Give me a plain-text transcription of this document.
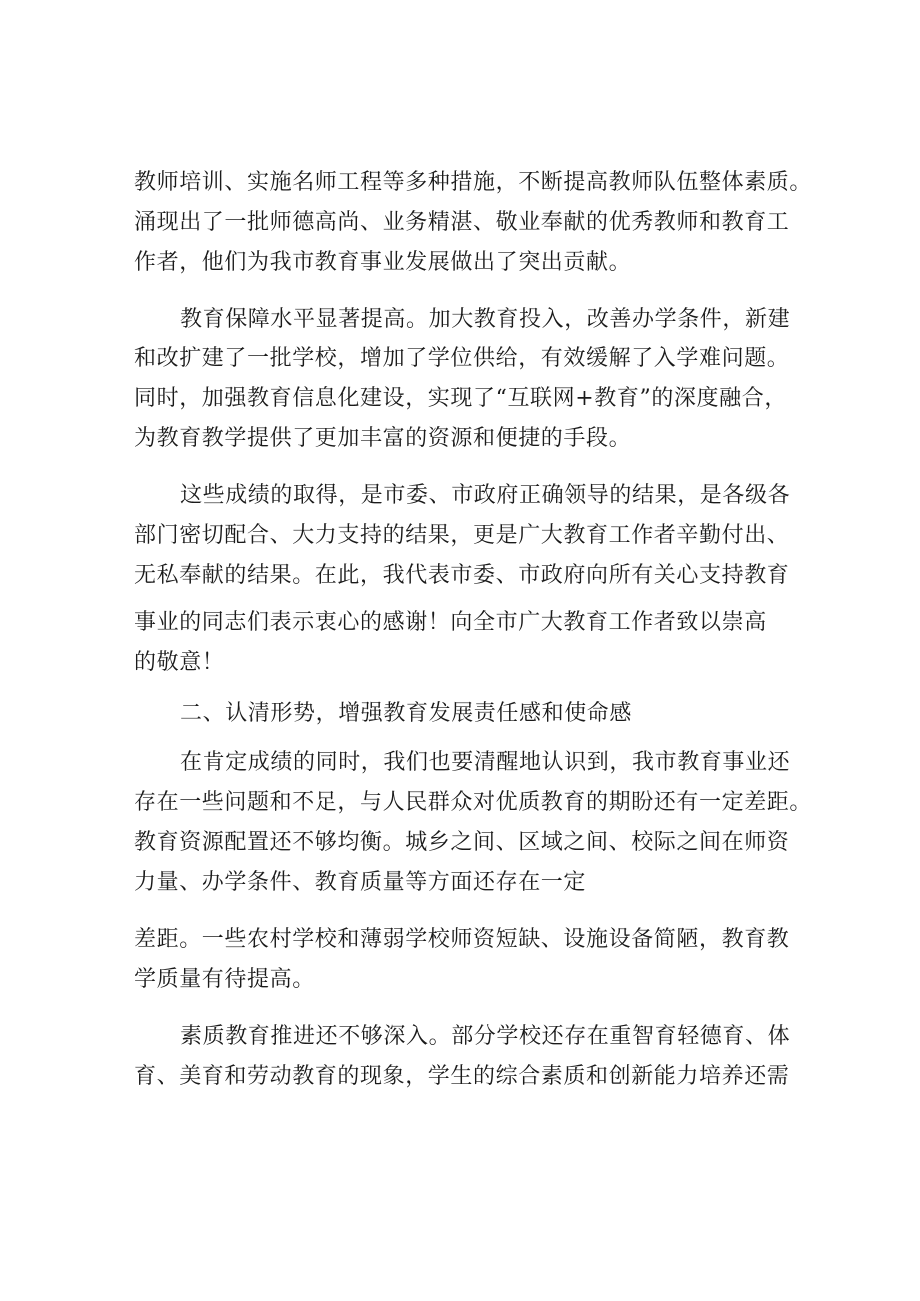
教师培训、实施名师工程等多种措施，不断提高教师队伍整体素质。
涌现出了一批师德高尚、业务精湛、敬业奉献的优秀教师和教育工
作者，他们为我市教育事业发展做出了突出贡献。
教育保障水平显著提高。加大教育投入，改善办学条件，新建
和改扩建了一批学校，增加了学位供给，有效缓解了入学难问题。
同时，加强教育信息化建设，实现了“互联网+教育”的深度融合，
为教育教学提供了更加丰富的资源和便捷的手段。
这些成绩的取得，是市委、市政府正确领导的结果，是各级各
部门密切配合、大力支持的结果，更是广大教育工作者辛勤付出、
无私奉献的结果。在此，我代表市委、市政府向所有关心支持教育
事业的同志们表示衷心的感谢！向全市广大教育工作者致以崇高
的敬意！
二、认清形势，增强教育发展责任感和使命感
在肯定成绩的同时，我们也要清醒地认识到，我市教育事业还
存在一些问题和不足，与人民群众对优质教育的期盼还有一定差距。
教育资源配置还不够均衡。城乡之间、区域之间、校际之间在师资
力量、办学条件、教育质量等方面还存在一定
差距。一些农村学校和薄弱学校师资短缺、设施设备简陋，教育教
学质量有待提高。
素质教育推进还不够深入。部分学校还存在重智育轻德育、体
育、美育和劳动教育的现象，学生的综合素质和创新能力培养还需
